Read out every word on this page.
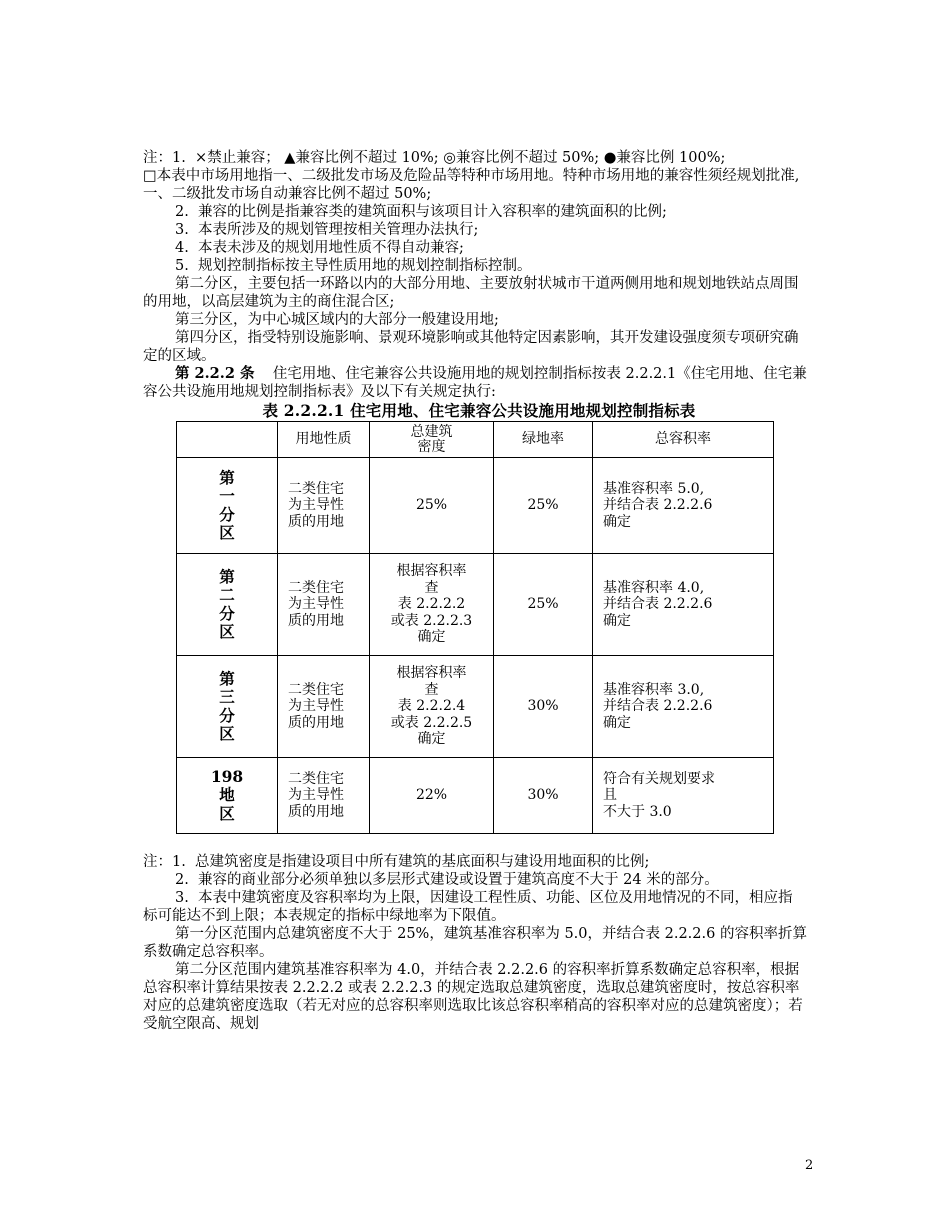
注：1.  ×禁止兼容； ▲兼容比例不超过 10%; ◎兼容比例不超过 50%; ●兼容比例 100%;

□本表中市场用地指一、二级批发市场及危险品等特种市场用地。特种市场用地的兼容性须经规划批准, 一、二级批发市场自动兼容比例不超过 50%;

2.  兼容的比例是指兼容类的建筑面积与该项目计入容积率的建筑面积的比例;

3.  本表所涉及的规划管理按相关管理办法执行;

4.  本表未涉及的规划用地性质不得自动兼容;

5.  规划控制指标按主导性质用地的规划控制指标控制。

第二分区，主要包括一环路以内的大部分用地、主要放射状城市干道两侧用地和规划地铁站点周围的用地，以高层建筑为主的商住混合区;

第三分区，为中心城区域内的大部分一般建设用地;

第四分区，指受特别设施影响、景观环境影响或其他特定因素影响，其开发建设强度须专项研究确定的区域。

第 2.2.2 条 住宅用地、住宅兼容公共设施用地的规划控制指标按表 2.2.2.1《住宅用地、住宅兼容公共设施用地规划控制指标表》及以下有关规定执行:

表 2.2.2.1 住宅用地、住宅兼容公共设施用地规划控制指标表

	用地性质	总建筑
密度	绿地率	总容积率

第
一
分
区	二类住宅
为主导性
质的用地	25%	25%	基准容积率 5.0,
并结合表 2.2.2.6
确定

第
二
分
区	二类住宅
为主导性
质的用地	根据容积率
查
表 2.2.2.2
或表 2.2.2.3
确定	25%	基准容积率 4.0,
并结合表 2.2.2.6
确定

第
三
分
区	二类住宅
为主导性
质的用地	根据容积率
查
表 2.2.2.4
或表 2.2.2.5
确定	30%	基准容积率 3.0,
并结合表 2.2.2.6
确定

198
地
区	二类住宅
为主导性
质的用地	22%	30%	符合有关规划要求
且
不大于 3.0

注：1.  总建筑密度是指建设项目中所有建筑的基底面积与建设用地面积的比例;

2.  兼容的商业部分必须单独以多层形式建设或设置于建筑高度不大于 24 米的部分。

3.  本表中建筑密度及容积率均为上限，因建设工程性质、功能、区位及用地情况的不同，相应指标可能达不到上限；本表规定的指标中绿地率为下限值。

第一分区范围内总建筑密度不大于 25%，建筑基准容积率为 5.0，并结合表 2.2.2.6 的容积率折算系数确定总容积率。

第二分区范围内建筑基准容积率为 4.0，并结合表 2.2.2.6 的容积率折算系数确定总容积率，根据总容积率计算结果按表 2.2.2.2 或表 2.2.2.3 的规定选取总建筑密度，选取总建筑密度时，按总容积率对应的总建筑密度选取（若无对应的总容积率则选取比该总容积率稍高的容积率对应的总建筑密度）；若受航空限高、规划

2
